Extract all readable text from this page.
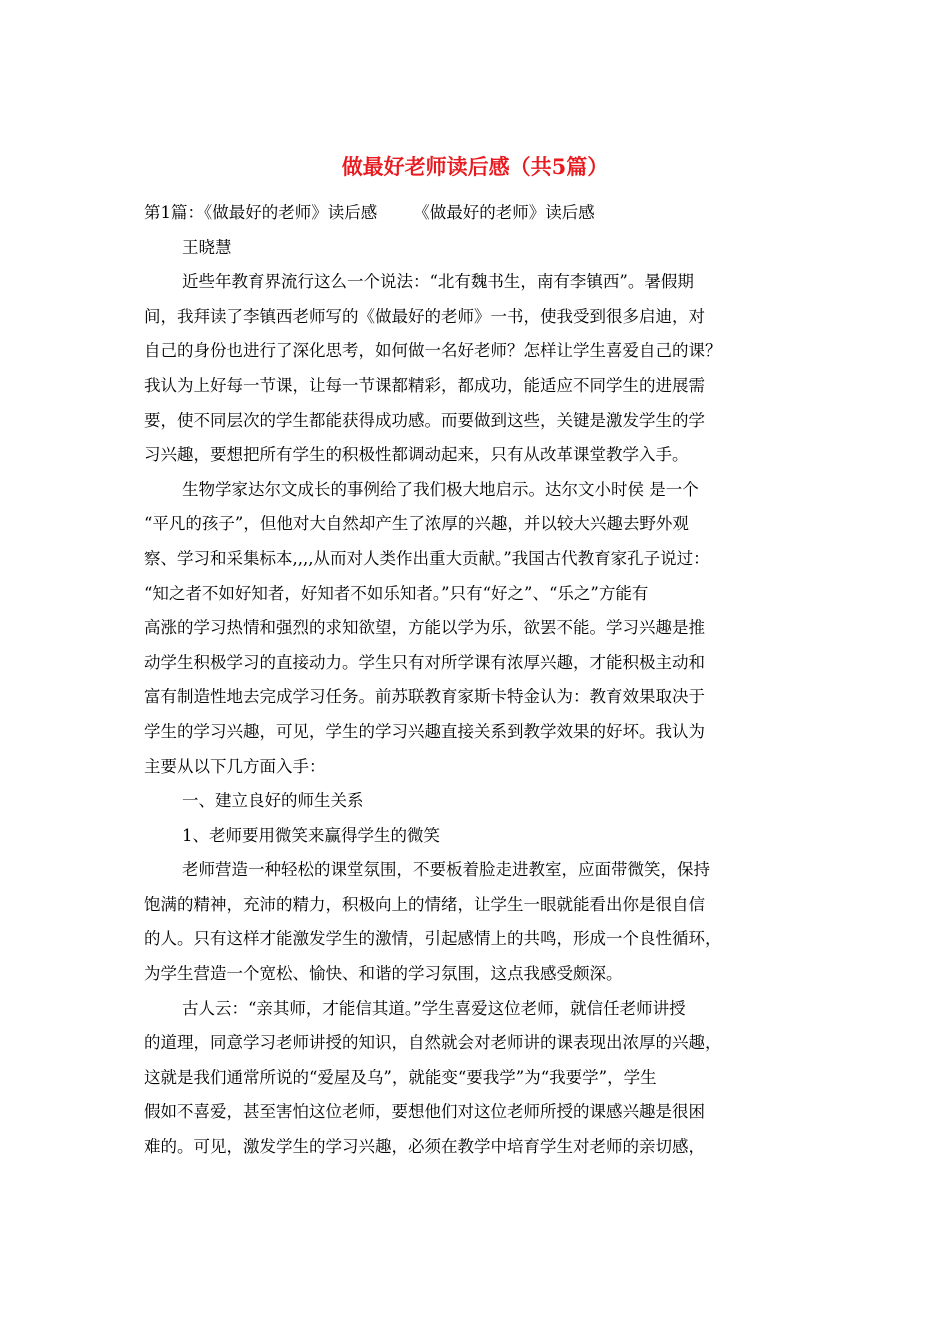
做最好老师读后感（共5篇）
第1篇：《做最好的老师》读后感 《做最好的老师》读后感
王晓慧
近些年教育界流行这么一个说法：“北有魏书生，南有李镇西”。暑假期
间，我拜读了李镇西老师写的《做最好的老师》一书，使我受到很多启迪，对
自己的身份也进行了深化思考，如何做一名好老师？怎样让学生喜爱自己的课？
我认为上好每一节课，让每一节课都精彩，都成功，能适应不同学生的进展需
要，使不同层次的学生都能获得成功感。而要做到这些，关键是激发学生的学
习兴趣，要想把所有学生的积极性都调动起来，只有从改革课堂教学入手。
生物学家达尔文成长的事例给了我们极大地启示。达尔文小时侯 是一个
“平凡的孩子”，但他对大自然却产生了浓厚的兴趣，并以较大兴趣去野外观
察、学习和采集标本,,,,从而对人类作出重大贡献。”我国古代教育家孔子说过：
“知之者不如好知者，好知者不如乐知者。”只有“好之”、“乐之”方能有
高涨的学习热情和强烈的求知欲望，方能以学为乐，欲罢不能。学习兴趣是推
动学生积极学习的直接动力。学生只有对所学课有浓厚兴趣，才能积极主动和
富有制造性地去完成学习任务。前苏联教育家斯卡特金认为：教育效果取决于
学生的学习兴趣，可见，学生的学习兴趣直接关系到教学效果的好坏。我认为
主要从以下几方面入手：
一、建立良好的师生关系
1、老师要用微笑来赢得学生的微笑
老师营造一种轻松的课堂氛围，不要板着脸走进教室，应面带微笑，保持
饱满的精神，充沛的精力，积极向上的情绪，让学生一眼就能看出你是很自信
的人。只有这样才能激发学生的激情，引起感情上的共鸣，形成一个良性循环，
为学生营造一个宽松、愉快、和谐的学习氛围，这点我感受颇深。
古人云：“亲其师，才能信其道。”学生喜爱这位老师，就信任老师讲授
的道理，同意学习老师讲授的知识，自然就会对老师讲的课表现出浓厚的兴趣，
这就是我们通常所说的“爱屋及乌”，就能变“要我学”为“我要学”，学生
假如不喜爱，甚至害怕这位老师，要想他们对这位老师所授的课感兴趣是很困
难的。可见，激发学生的学习兴趣，必须在教学中培育学生对老师的亲切感，
